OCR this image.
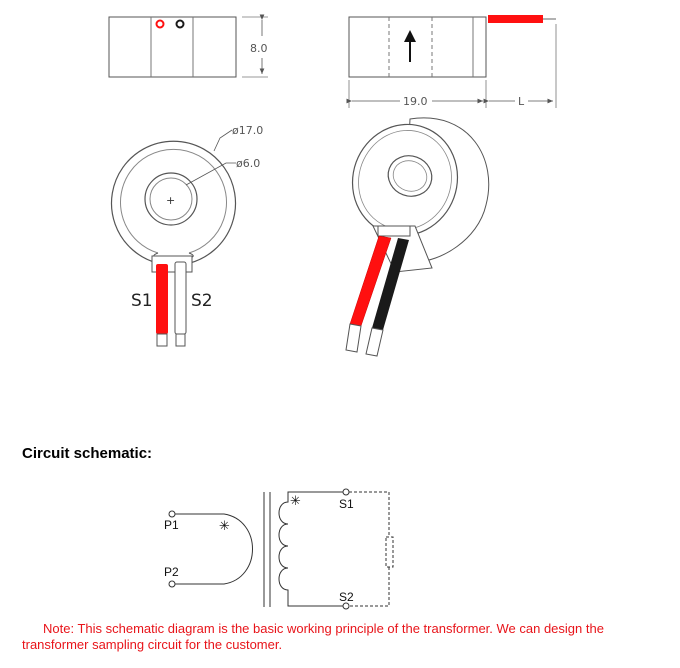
8.0
19.0	L
+
ø17.0
ø6.0
S1 S2
P1
P2
✳
✳	S1
S2
Circuit schematic:
Note: This schematic diagram is the basic working principle of the transformer. We can design the transformer sampling circuit for the customer.
